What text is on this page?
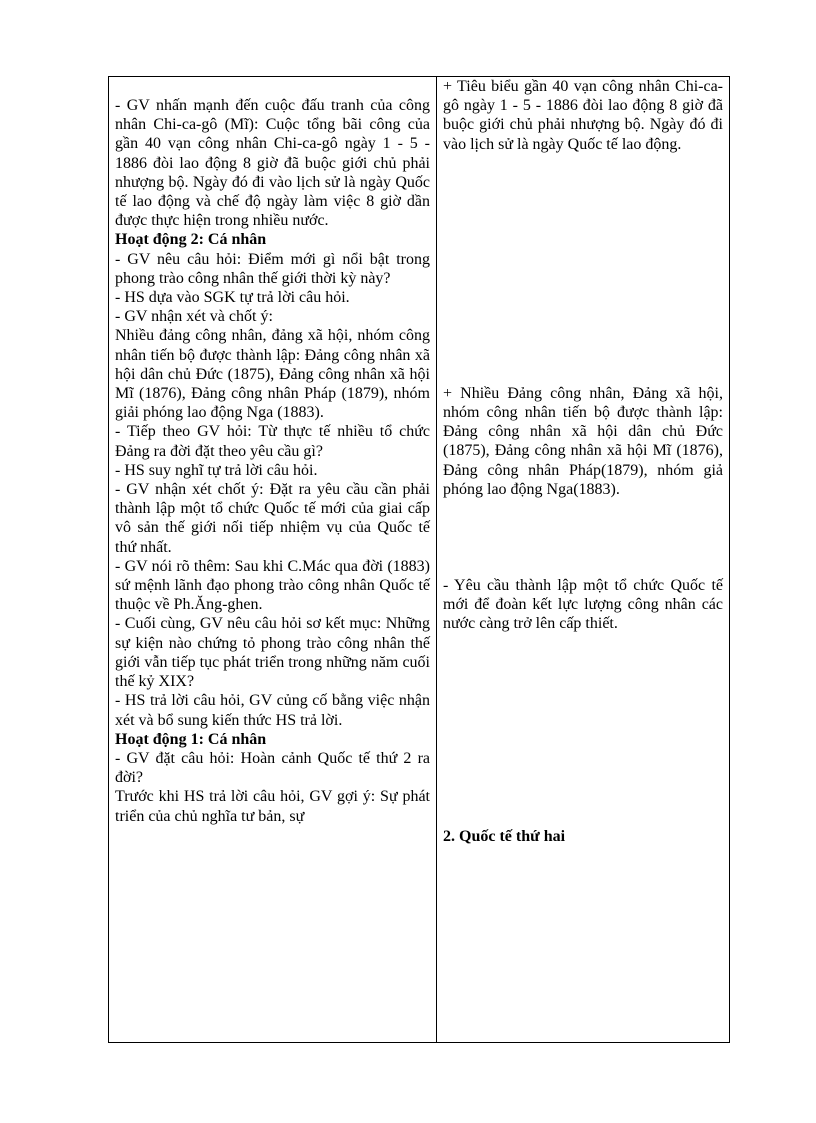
- GV nhấn mạnh đến cuộc đấu tranh của công nhân Chi-ca-gô (Mĩ): Cuộc tổng bãi công của gần 40 vạn công nhân Chi-ca-gô ngày 1 - 5 - 1886 đòi lao động 8 giờ đã buộc giới chủ phải nhượng bộ. Ngày đó đi vào lịch sử là ngày Quốc tế lao động và chế độ ngày làm việc 8 giờ dần được thực hiện trong nhiều nước.

Hoạt động 2: Cá nhân

- GV nêu câu hỏi: Điểm mới gì nổi bật trong phong trào công nhân thế giới thời kỳ này?

- HS dựa vào SGK tự trả lời câu hỏi.

- GV nhận xét và chốt ý:

Nhiều đảng công nhân, đảng xã hội, nhóm công nhân tiến bộ được thành lập: Đảng công nhân xã hội dân chủ Đức (1875), Đảng công nhân xã hội Mĩ (1876), Đảng công nhân Pháp (1879), nhóm giải phóng lao động Nga (1883).

- Tiếp theo GV hỏi: Từ thực tế nhiều tổ chức Đảng ra đời đặt theo yêu cầu gì?

- HS suy nghĩ tự trả lời câu hỏi.

- GV nhận xét chốt ý: Đặt ra yêu cầu cần phải thành lập một tổ chức Quốc tế mới của giai cấp vô sản thế giới nối tiếp nhiệm vụ của Quốc tế thứ nhất.

- GV nói rõ thêm: Sau khi C.Mác qua đời (1883) sứ mệnh lãnh đạo phong trào công nhân Quốc tế thuộc về Ph.Ăng-ghen.

- Cuối cùng, GV nêu câu hỏi sơ kết mục: Những sự kiện nào chứng tỏ phong trào công nhân thế giới vẫn tiếp tục phát triển trong những năm cuối thế kỷ XIX?

- HS trả lời câu hỏi, GV củng cố bằng việc nhận xét và bổ sung kiến thức HS trả lời.

Hoạt động 1: Cá nhân

- GV đặt câu hỏi: Hoàn cảnh Quốc tế thứ 2 ra đời?

Trước khi HS trả lời câu hỏi, GV gợi ý: Sự phát triển của chủ nghĩa tư bản, sự

+ Tiêu biểu gần 40 vạn công nhân Chi-ca-gô ngày 1 - 5 - 1886 đòi lao động 8 giờ đã buộc giới chủ phải nhượng bộ. Ngày đó đi vào lịch sử là ngày Quốc tế lao động.

+ Nhiều Đảng công nhân, Đảng xã hội, nhóm công nhân tiến bộ được thành lập: Đảng công nhân xã hội dân chủ Đức (1875), Đảng công nhân xã hội Mĩ (1876), Đảng công nhân Pháp(1879), nhóm giả phóng lao động Nga(1883).

- Yêu cầu thành lập một tổ chức Quốc tế mới để đoàn kết lực lượng công nhân các nước càng trở lên cấp thiết.

2. Quốc tế thứ hai
